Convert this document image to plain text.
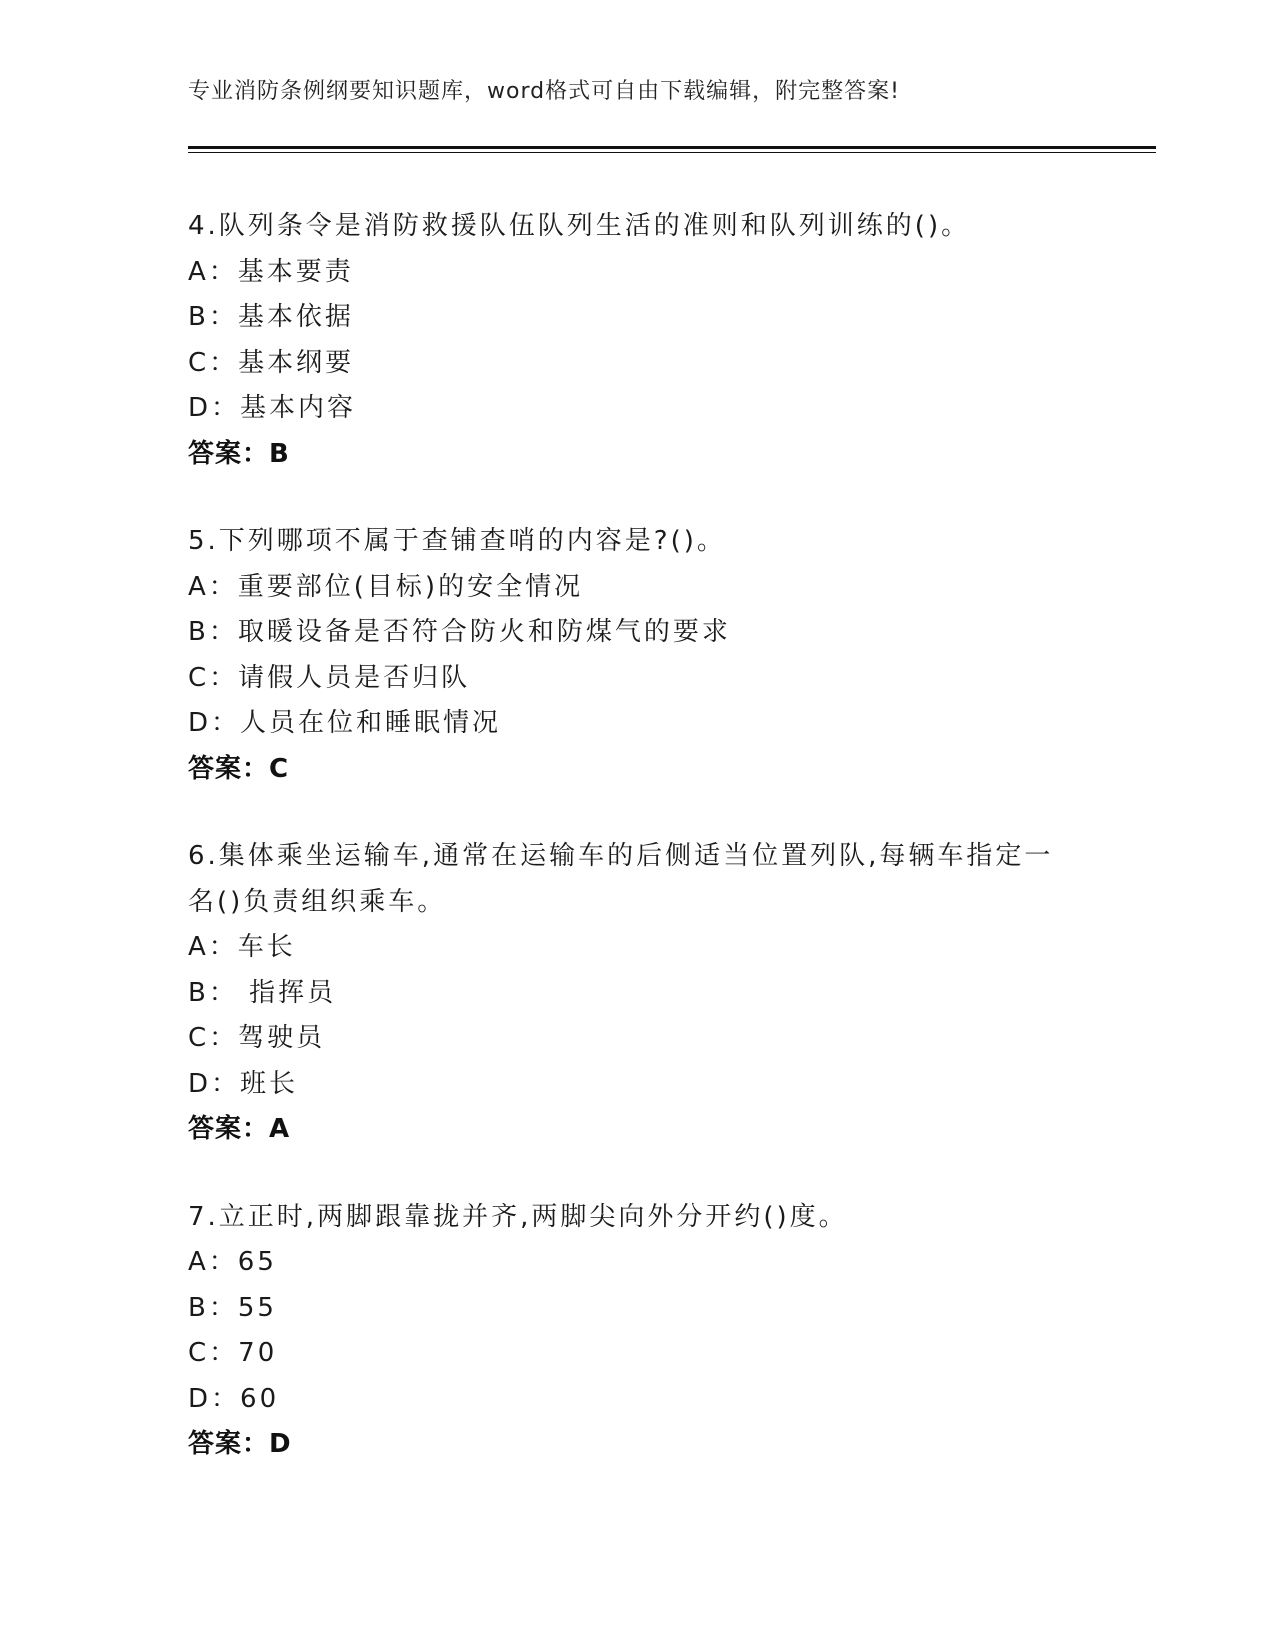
专业消防条例纲要知识题库，word格式可自由下载编辑，附完整答案!
4.队列条令是消防救援队伍队列生活的准则和队列训练的()。
A：基本要责
B：基本依据
C：基本纲要
D：基本内容
答案：B
5.下列哪项不属于查铺查哨的内容是?()。
A：重要部位(目标)的安全情况
B：取暖设备是否符合防火和防煤气的要求
C：请假人员是否归队
D：人员在位和睡眠情况
答案：C
6.集体乘坐运输车,通常在运输车的后侧适当位置列队,每辆车指定一
名()负责组织乘车。
A：车长
B： 指挥员
C：驾驶员
D：班长
答案：A
7.立正时,两脚跟靠拢并齐,两脚尖向外分开约()度。
A：65
B：55
C：70
D：60
答案：D
